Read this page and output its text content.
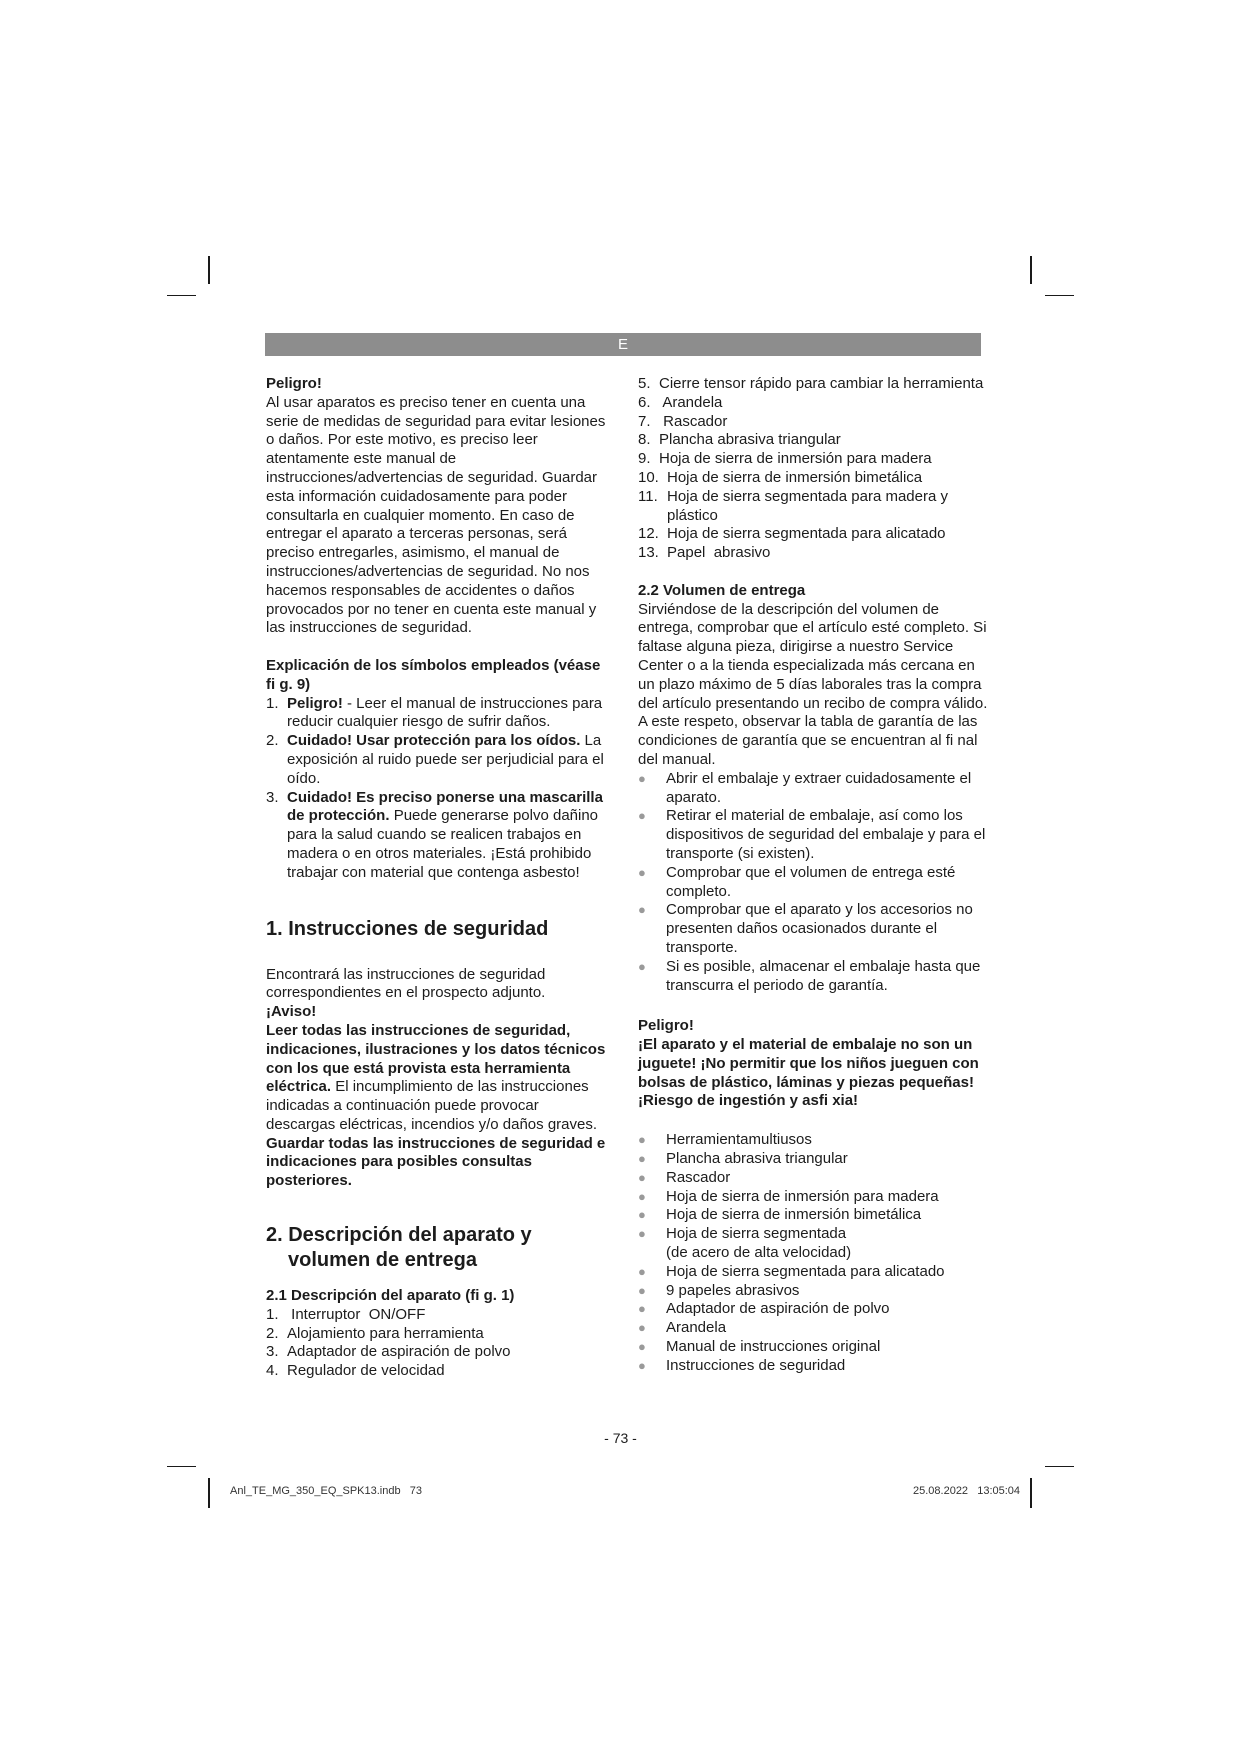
E

Peligro!

Al usar aparatos es preciso tener en cuenta una serie de medidas de seguridad para evitar lesiones o daños. Por este motivo, es preciso leer atentamente este manual de instrucciones/advertencias de seguridad. Guardar esta información cuidadosamente para poder consultarla en cualquier momento. En caso de entregar el aparato a terceras personas, será preciso entregarles, asimismo, el manual de instrucciones/advertencias de seguridad. No nos hacemos responsables de accidentes o daños provocados por no tener en cuenta este manual y las instrucciones de seguridad.

Explicación de los símbolos empleados (véase fi g. 9)

1. Peligro! - Leer el manual de instrucciones para reducir cualquier riesgo de sufrir daños.
2. Cuidado! Usar protección para los oídos. La exposición al ruido puede ser perjudicial para el oído.
3. Cuidado! Es preciso ponerse una mascarilla de protección. Puede generarse polvo dañino para la salud cuando se realicen trabajos en madera o en otros materiales. ¡Está prohibido trabajar con material que contenga asbesto!
1. Instrucciones de seguridad

Encontrará las instrucciones de seguridad correspondientes en el prospecto adjunto.

¡Aviso!

Leer todas las instrucciones de seguridad, indicaciones, ilustraciones y los datos técnicos con los que está provista esta herramienta eléctrica. El incumplimiento de las instrucciones indicadas a continuación puede provocar descargas eléctricas, incendios y/o daños graves.

Guardar todas las instrucciones de seguridad e indicaciones para posibles consultas posteriores.

2. Descripción del aparato y
volumen de entrega

2.1 Descripción del aparato (fi g. 1)

1. Interruptor  ON/OFF
2. Alojamiento para herramienta
3. Adaptador de aspiración de polvo
4. Regulador de velocidad
5. Cierre tensor rápido para cambiar la herramienta
6. Arandela
7. Rascador
8. Plancha abrasiva triangular
9. Hoja de sierra de inmersión para madera
10. Hoja de sierra de inmersión bimetálica
11. Hoja de sierra segmentada para madera y plástico
12. Hoja de sierra segmentada para alicatado
13. Papel  abrasivo

2.2 Volumen de entrega

Sirviéndose de la descripción del volumen de entrega, comprobar que el artículo esté completo. Si faltase alguna pieza, dirigirse a nuestro Service Center o a la tienda especializada más cercana en un plazo máximo de 5 días laborales tras la compra del artículo presentando un recibo de compra válido. A este respeto, observar la tabla de garantía de las condiciones de garantía que se encuentran al fi nal del manual.

●	Abrir el embalaje y extraer cuidadosamente el aparato.
●	Retirar el material de embalaje, así como los dispositivos de seguridad del embalaje y para el transporte (si existen).
●	Comprobar que el volumen de entrega esté completo.
●	Comprobar que el aparato y los accesorios no presenten daños ocasionados durante el transporte.
●	Si es posible, almacenar el embalaje hasta que transcurra el periodo de garantía.

Peligro!

¡El aparato y el material de embalaje no son un juguete! ¡No permitir que los niños jueguen con bolsas de plástico, láminas y piezas pequeñas! ¡Riesgo de ingestión y asfi xia!

●	Herramientamultiusos
●	Plancha abrasiva triangular
●	Rascador
●	Hoja de sierra de inmersión para madera
●	Hoja de sierra de inmersión bimetálica
●	Hoja de sierra segmentada
(de acero de alta velocidad)
●	Hoja de sierra segmentada para alicatado
●	9 papeles abrasivos
●	Adaptador de aspiración de polvo
●	Arandela
●	Manual de instrucciones original
●	Instrucciones de seguridad
- 73 -
Anl_TE_MG_350_EQ_SPK13.indb   73	25.08.2022   13:05:04
